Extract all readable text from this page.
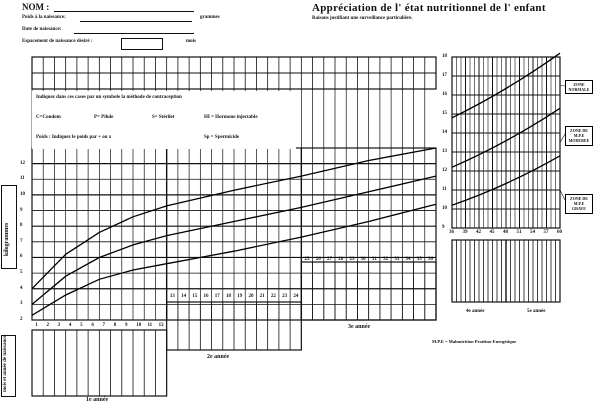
NOM :
Poids à la naissance:	grammes
Date de naissance:
Espacement de naissance désiré :	mois
Appréciation de l' état nutritionnel de l' enfant
Raisons justifiant une surveillance particulière.
Indiquez dans ces cases par un symbole la méthode de contraception
C=Condom	P= Pilule	S= Stérilet	HI = Hormone injectable
Poids : Indiquez le poids par + ou x	Sp = Spermicide
kilogrammes
mois et année de naissance
1e année
2e année
3e année
4e année	5e année
ZONE NORMALE
ZONE DE M.P.E MODEREE
ZONE DE M.P.E GRAVE
M.P.E = Malnutrition Protéino-Energétique
12
11
10
9
8
7
6
5
4
3
2
1 2 3 4 5 6 7 8 9 10 11 12
13 14 15 16 17 18 19 20 21 22 23 24
25 26 27 28 29 30 31 32 33 34 35 36
18
17
16
15
14
13
12
11
10
9
36 39 42 45 48 51 54 57 60
